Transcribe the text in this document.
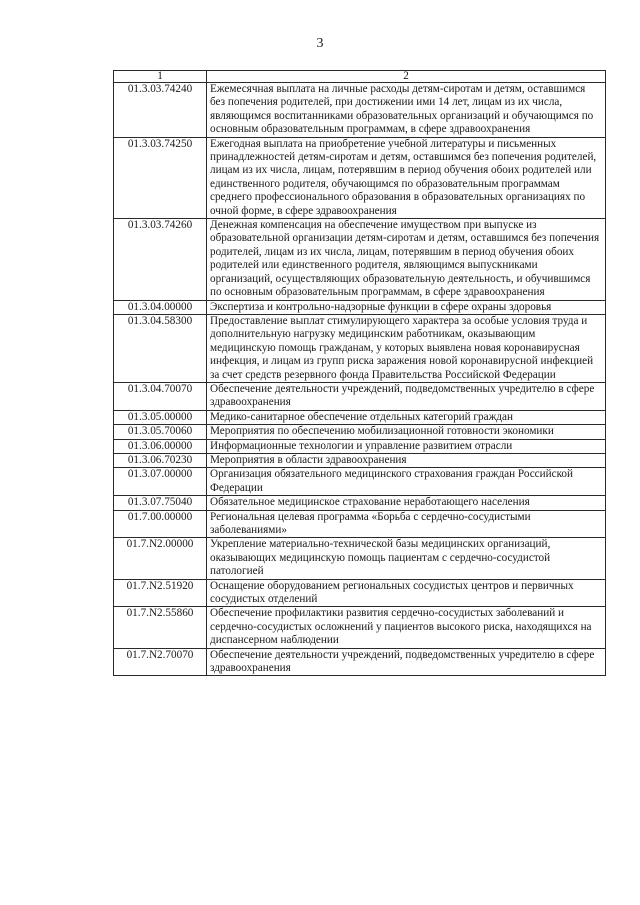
3
1	2
01.3.03.74240	Ежемесячная выплата на личные расходы детям-сиротам и детям, оставшимся без попечения родителей, при достижении ими 14 лет, лицам из их числа, являющимся воспитанниками образовательных организаций и обучающимся по основным образовательным программам, в сфере здравоохранения
01.3.03.74250	Ежегодная выплата на приобретение учебной литературы и письменных принадлежностей детям-сиротам и детям, оставшимся без попечения родителей, лицам из их числа, лицам, потерявшим в период обучения обоих родителей или единственного родителя, обучающимся по образовательным программам среднего профессионального образования в образовательных организациях по очной форме, в сфере здравоохранения
01.3.03.74260	Денежная компенсация на обеспечение имуществом при выпуске из образовательной организации детям-сиротам и детям, оставшимся без попечения родителей, лицам из их числа, лицам, потерявшим в период обучения обоих родителей или единственного родителя, являющимся выпускниками организаций, осуществляющих образовательную деятельность, и обучившимся по основным образовательным программам, в сфере здравоохранения
01.3.04.00000	Экспертиза и контрольно-надзорные функции в сфере охраны здоровья
01.3.04.58300	Предоставление выплат стимулирующего характера за особые условия труда и дополнительную нагрузку медицинским работникам, оказывающим медицинскую помощь гражданам, у которых выявлена новая коронавирусная инфекция, и лицам из групп риска заражения новой коронавирусной инфекцией за счет средств резервного фонда Правительства Российской Федерации
01.3.04.70070	Обеспечение деятельности учреждений, подведомственных учредителю в сфере здравоохранения
01.3.05.00000	Медико-санитарное обеспечение отдельных категорий граждан
01.3.05.70060	Мероприятия по обеспечению мобилизационной готовности экономики
01.3.06.00000	Информационные технологии и управление развитием отрасли
01.3.06.70230	Мероприятия в области здравоохранения
01.3.07.00000	Организация обязательного медицинского страхования граждан Российской Федерации
01.3.07.75040	Обязательное медицинское страхование неработающего населения
01.7.00.00000	Региональная целевая программа «Борьба с сердечно-сосудистыми заболеваниями»
01.7.N2.00000	Укрепление материально-технической базы медицинских организаций, оказывающих медицинскую помощь пациентам с сердечно-сосудистой патологией
01.7.N2.51920	Оснащение оборудованием региональных сосудистых центров и первичных сосудистых отделений
01.7.N2.55860	Обеспечение профилактики развития сердечно-сосудистых заболеваний и сердечно-сосудистых осложнений у пациентов высокого риска, находящихся на диспансерном наблюдении
01.7.N2.70070	Обеспечение деятельности учреждений, подведомственных учредителю в сфере здравоохранения
